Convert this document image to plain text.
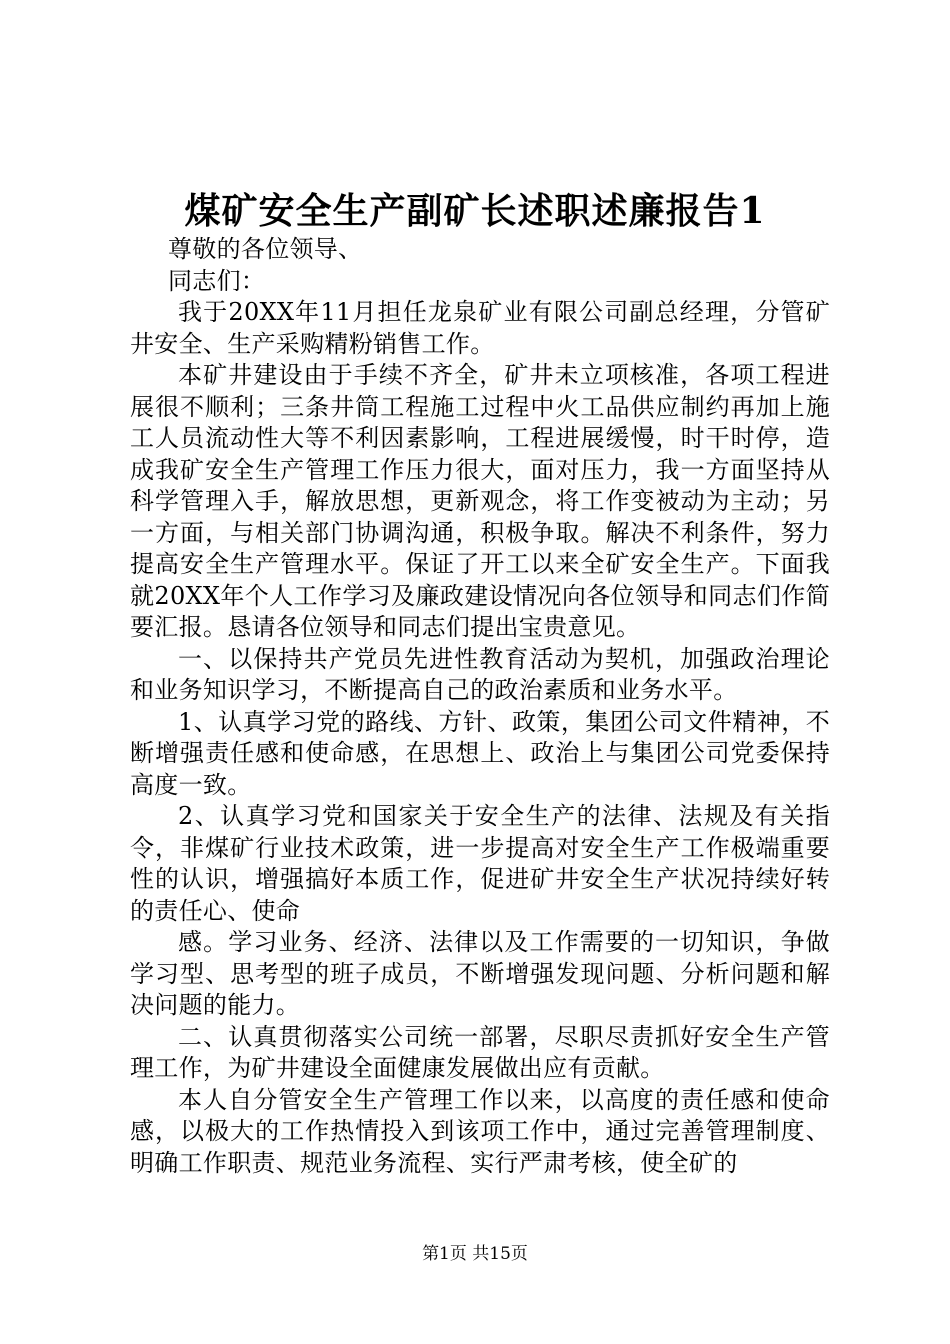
煤矿安全生产副矿长述职述廉报告1

尊敬的各位领导、

同志们：

我于20XX年11月担任龙泉矿业有限公司副总经理，分管矿井安全、生产采购精粉销售工作。

本矿井建设由于手续不齐全，矿井未立项核准，各项工程进展很不顺利；三条井筒工程施工过程中火工品供应制约再加上施工人员流动性大等不利因素影响，工程进展缓慢，时干时停，造成我矿安全生产管理工作压力很大，面对压力，我一方面坚持从科学管理入手，解放思想，更新观念，将工作变被动为主动；另一方面，与相关部门协调沟通，积极争取。解决不利条件，努力提高安全生产管理水平。保证了开工以来全矿安全生产。下面我就20XX年个人工作学习及廉政建设情况向各位领导和同志们作简要汇报。恳请各位领导和同志们提出宝贵意见。

一、以保持共产党员先进性教育活动为契机，加强政治理论和业务知识学习，不断提高自己的政治素质和业务水平。

1、认真学习党的路线、方针、政策，集团公司文件精神，不断增强责任感和使命感，在思想上、政治上与集团公司党委保持高度一致。

2、认真学习党和国家关于安全生产的法律、法规及有关指令，非煤矿行业技术政策，进一步提高对安全生产工作极端重要性的认识，增强搞好本质工作，促进矿井安全生产状况持续好转的责任心、使命

感。学习业务、经济、法律以及工作需要的一切知识，争做学习型、思考型的班子成员，不断增强发现问题、分析问题和解决问题的能力。

二、认真贯彻落实公司统一部署，尽职尽责抓好安全生产管理工作，为矿井建设全面健康发展做出应有贡献。

本人自分管安全生产管理工作以来，以高度的责任感和使命感，以极大的工作热情投入到该项工作中，通过完善管理制度、明确工作职责、规范业务流程、实行严肃考核，使全矿的

第1页 共15页
